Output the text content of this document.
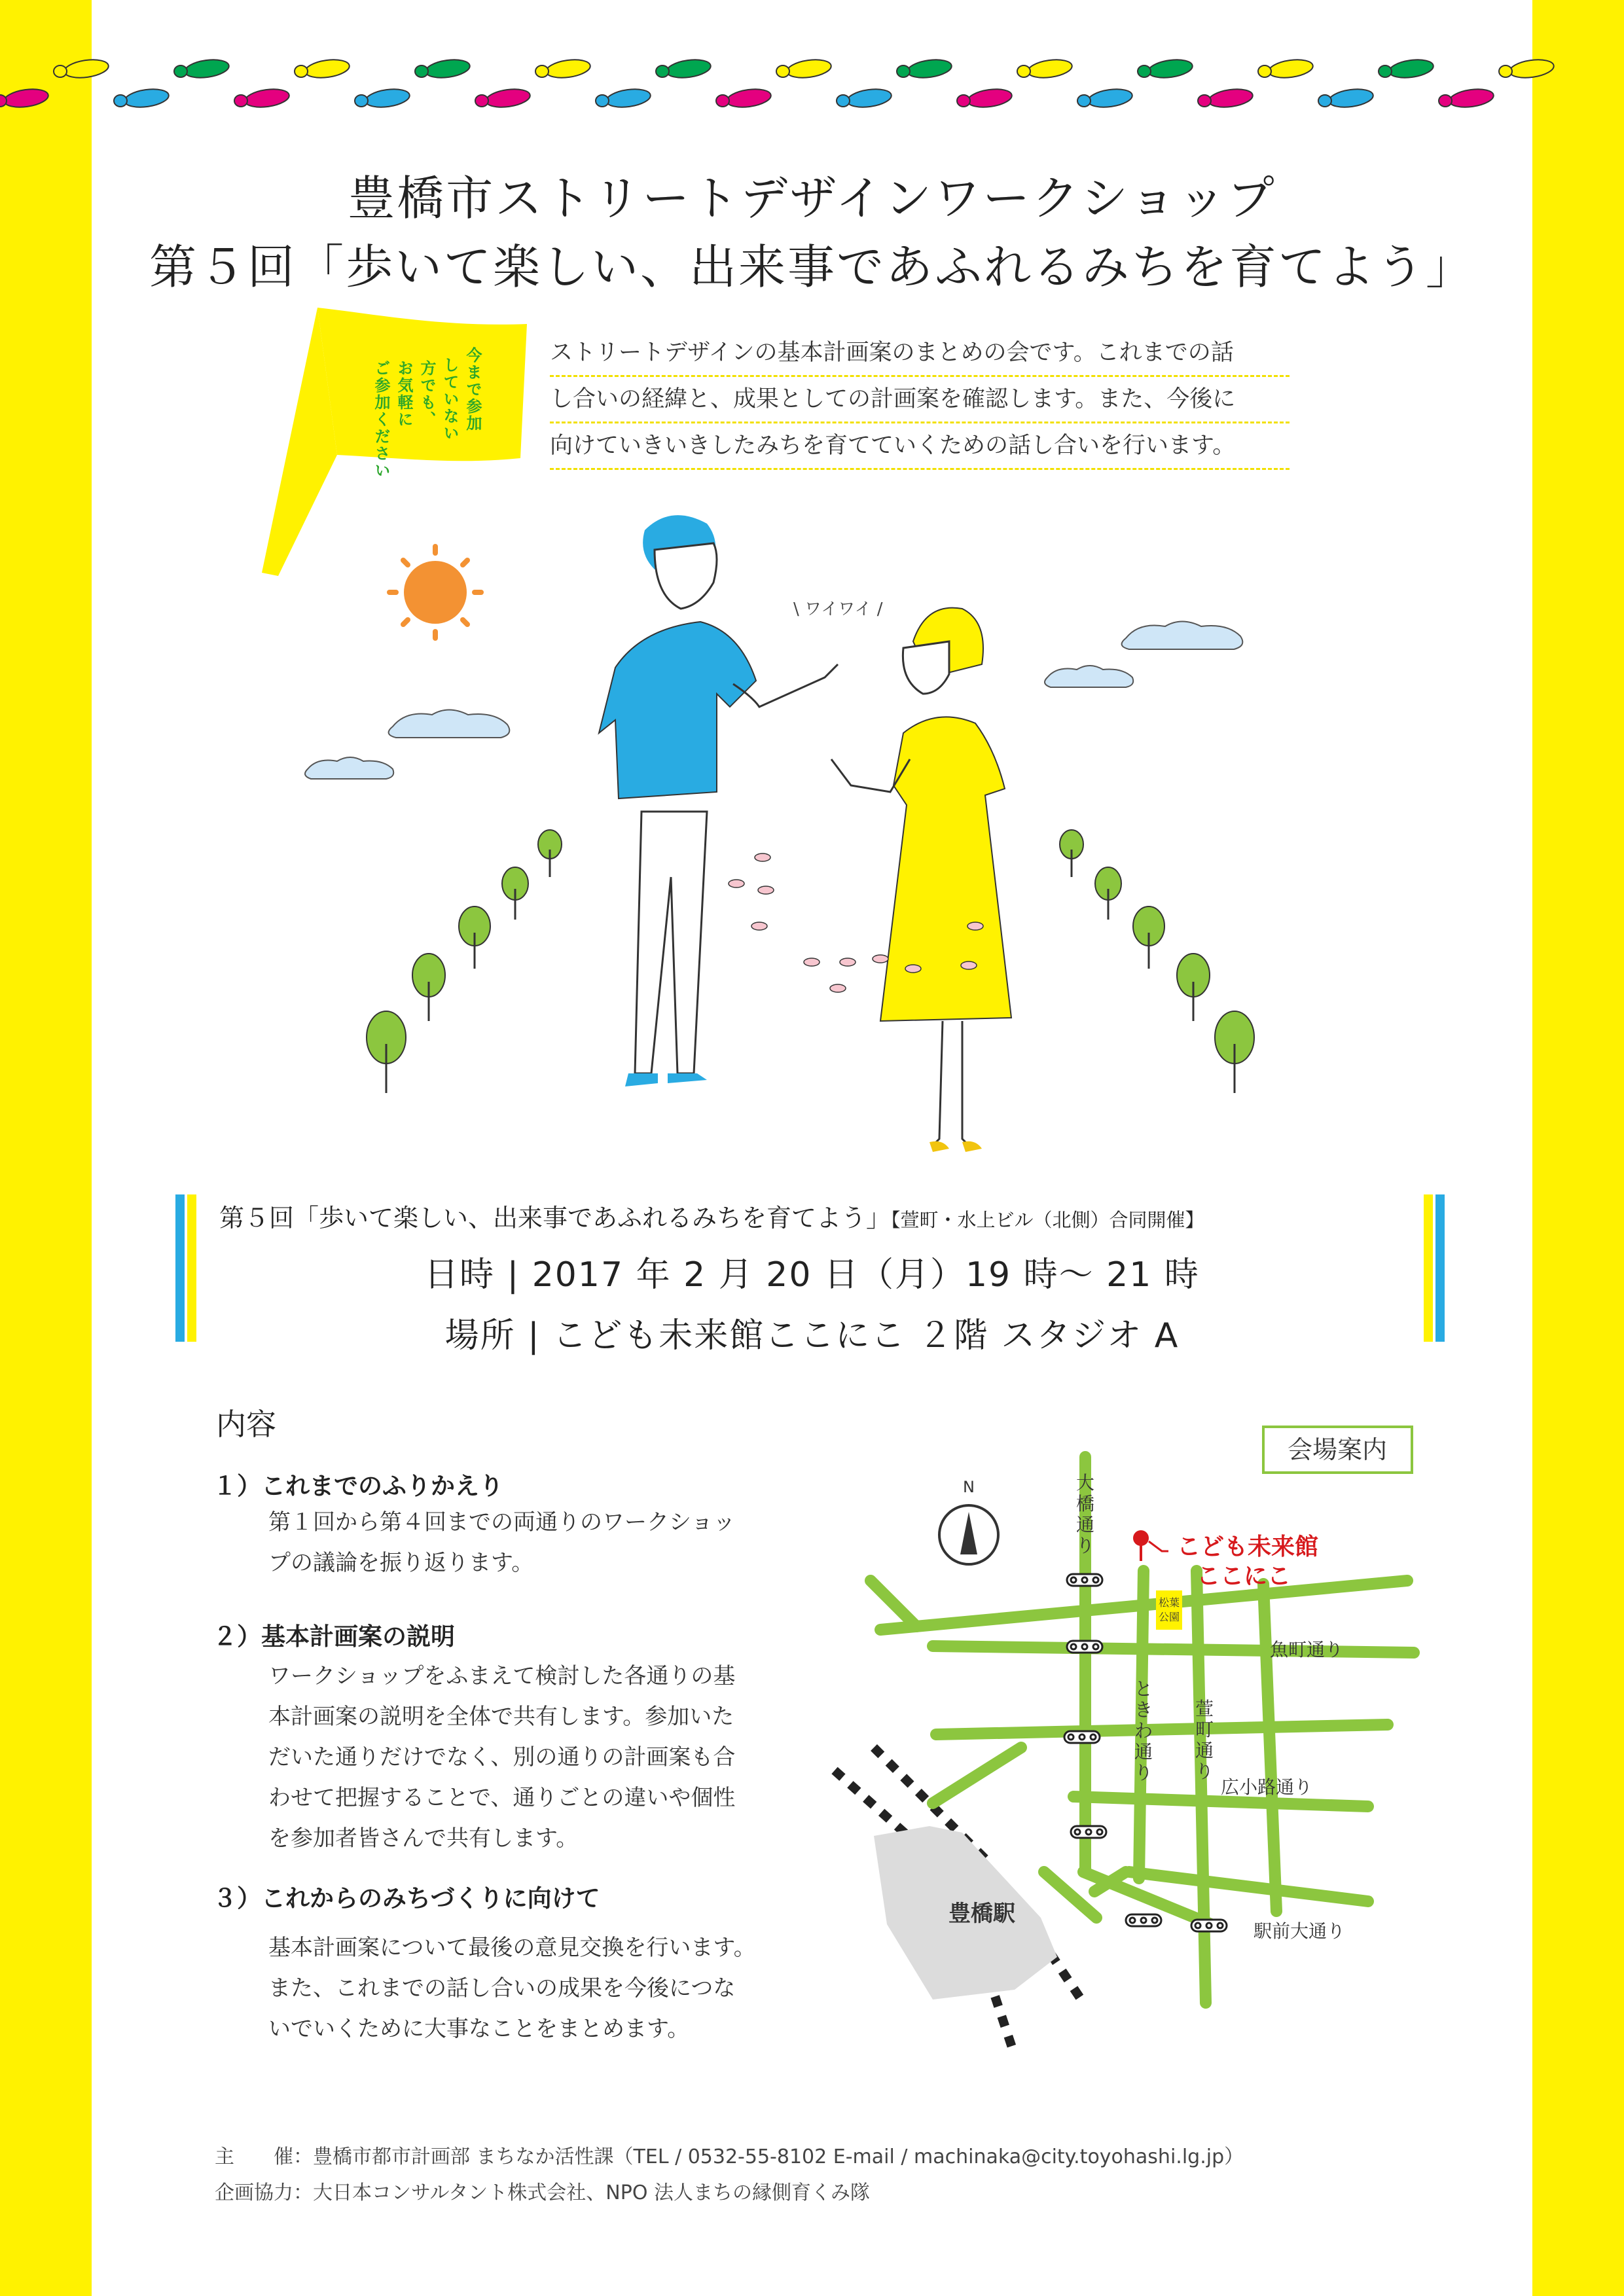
豊橋市ストリートデザインワークショップ
第５回「歩いて楽しい、出来事であふれるみちを育てよう」
今まで参加
していない
方でも、
お気軽に
ご参加ください
ストリートデザインの基本計画案のまとめの会です。これまでの話
し合いの経緯と、成果としての計画案を確認します。また、今後に
向けていきいきしたみちを育てていくための話し合いを行います。
\ ワイワイ /
第５回「歩いて楽しい、出来事であふれるみちを育てよう」【萱町・水上ビル（北側）合同開催】
日時 | 2017 年 2 月 20 日（月）19 時～ 21 時
場所 | こども未来館ここにこ ２階 スタジオ A
内容
１）これまでのふりかえり
第１回から第４回までの両通りのワークショッ
プの議論を振り返ります。
２）基本計画案の説明
ワークショップをふまえて検討した各通りの基
本計画案の説明を全体で共有します。参加いた
だいた通りだけでなく、別の通りの計画案も合
わせて把握することで、通りごとの違いや個性
を参加者皆さんで共有します。
３）これからのみちづくりに向けて
基本計画案について最後の意見交換を行います。
また、これまでの話し合いの成果を今後につな
いでいくために大事なことをまとめます。
会場案内
N
豊橋駅
松葉
公園
こども未来館
ここにこ
大
橋
通
り
と
き
わ
通
り
萱
町
通
り
魚町通り
広小路通り
駅前大通り
主　　催：豊橋市都市計画部 まちなか活性課（TEL / 0532-55-8102 E-mail / machinaka@city.toyohashi.lg.jp）
企画協力：大日本コンサルタント株式会社、NPO 法人まちの縁側育くみ隊
